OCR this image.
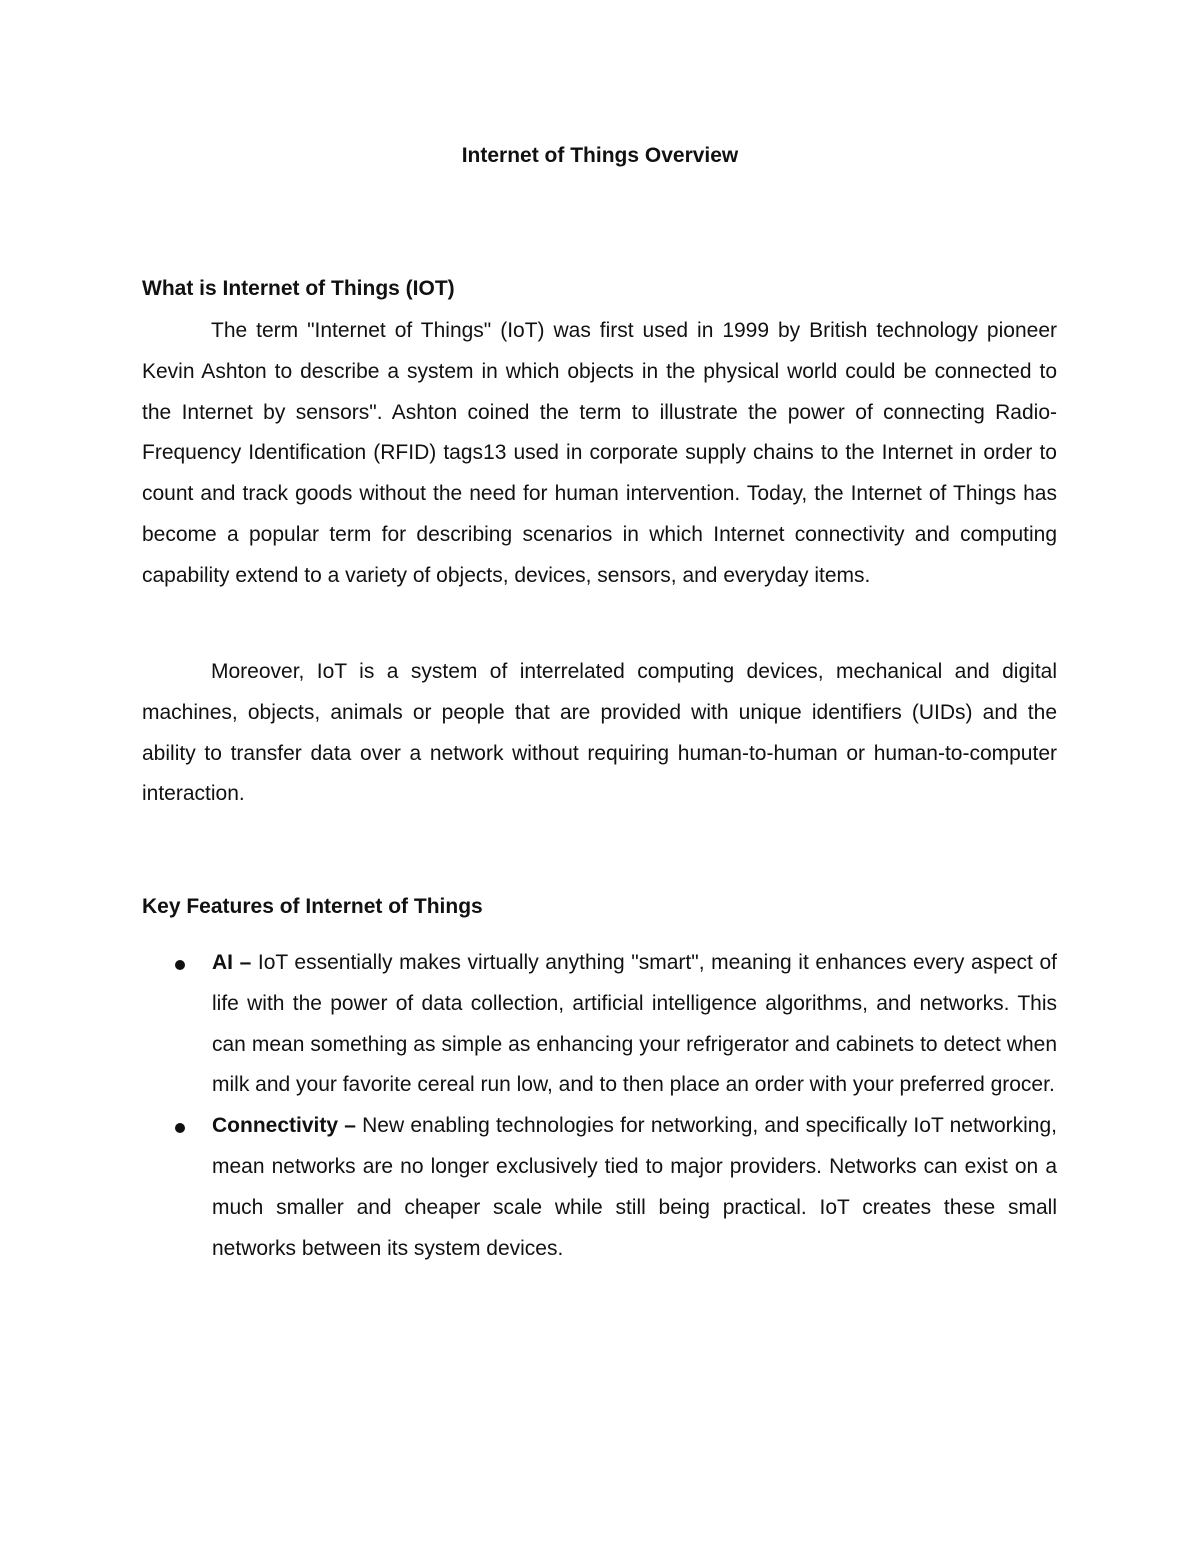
Internet of Things Overview
What is Internet of Things (IOT)

The term "Internet of Things" (IoT) was first used in 1999 by British technology pioneer Kevin Ashton to describe a system in which objects in the physical world could be connected to the Internet by sensors". Ashton coined the term to illustrate the power of connecting Radio-Frequency Identification (RFID) tags13 used in corporate supply chains to the Internet in order to count and track goods without the need for human intervention. Today, the Internet of Things has become a popular term for describing scenarios in which Internet connectivity and computing capability extend to a variety of objects, devices, sensors, and everyday items.

Moreover, IoT is a system of interrelated computing devices, mechanical and digital machines, objects, animals or people that are provided with unique identifiers (UIDs) and the ability to transfer data over a network without requiring human-to-human or human-to-computer interaction.

Key Features of Internet of Things
AI – IoT essentially makes virtually anything "smart", meaning it enhances every aspect of life with the power of data collection, artificial intelligence algorithms, and networks. This can mean something as simple as enhancing your refrigerator and cabinets to detect when milk and your favorite cereal run low, and to then place an order with your preferred grocer.
Connectivity – New enabling technologies for networking, and specifically IoT networking, mean networks are no longer exclusively tied to major providers. Networks can exist on a much smaller and cheaper scale while still being practical. IoT creates these small networks between its system devices.
